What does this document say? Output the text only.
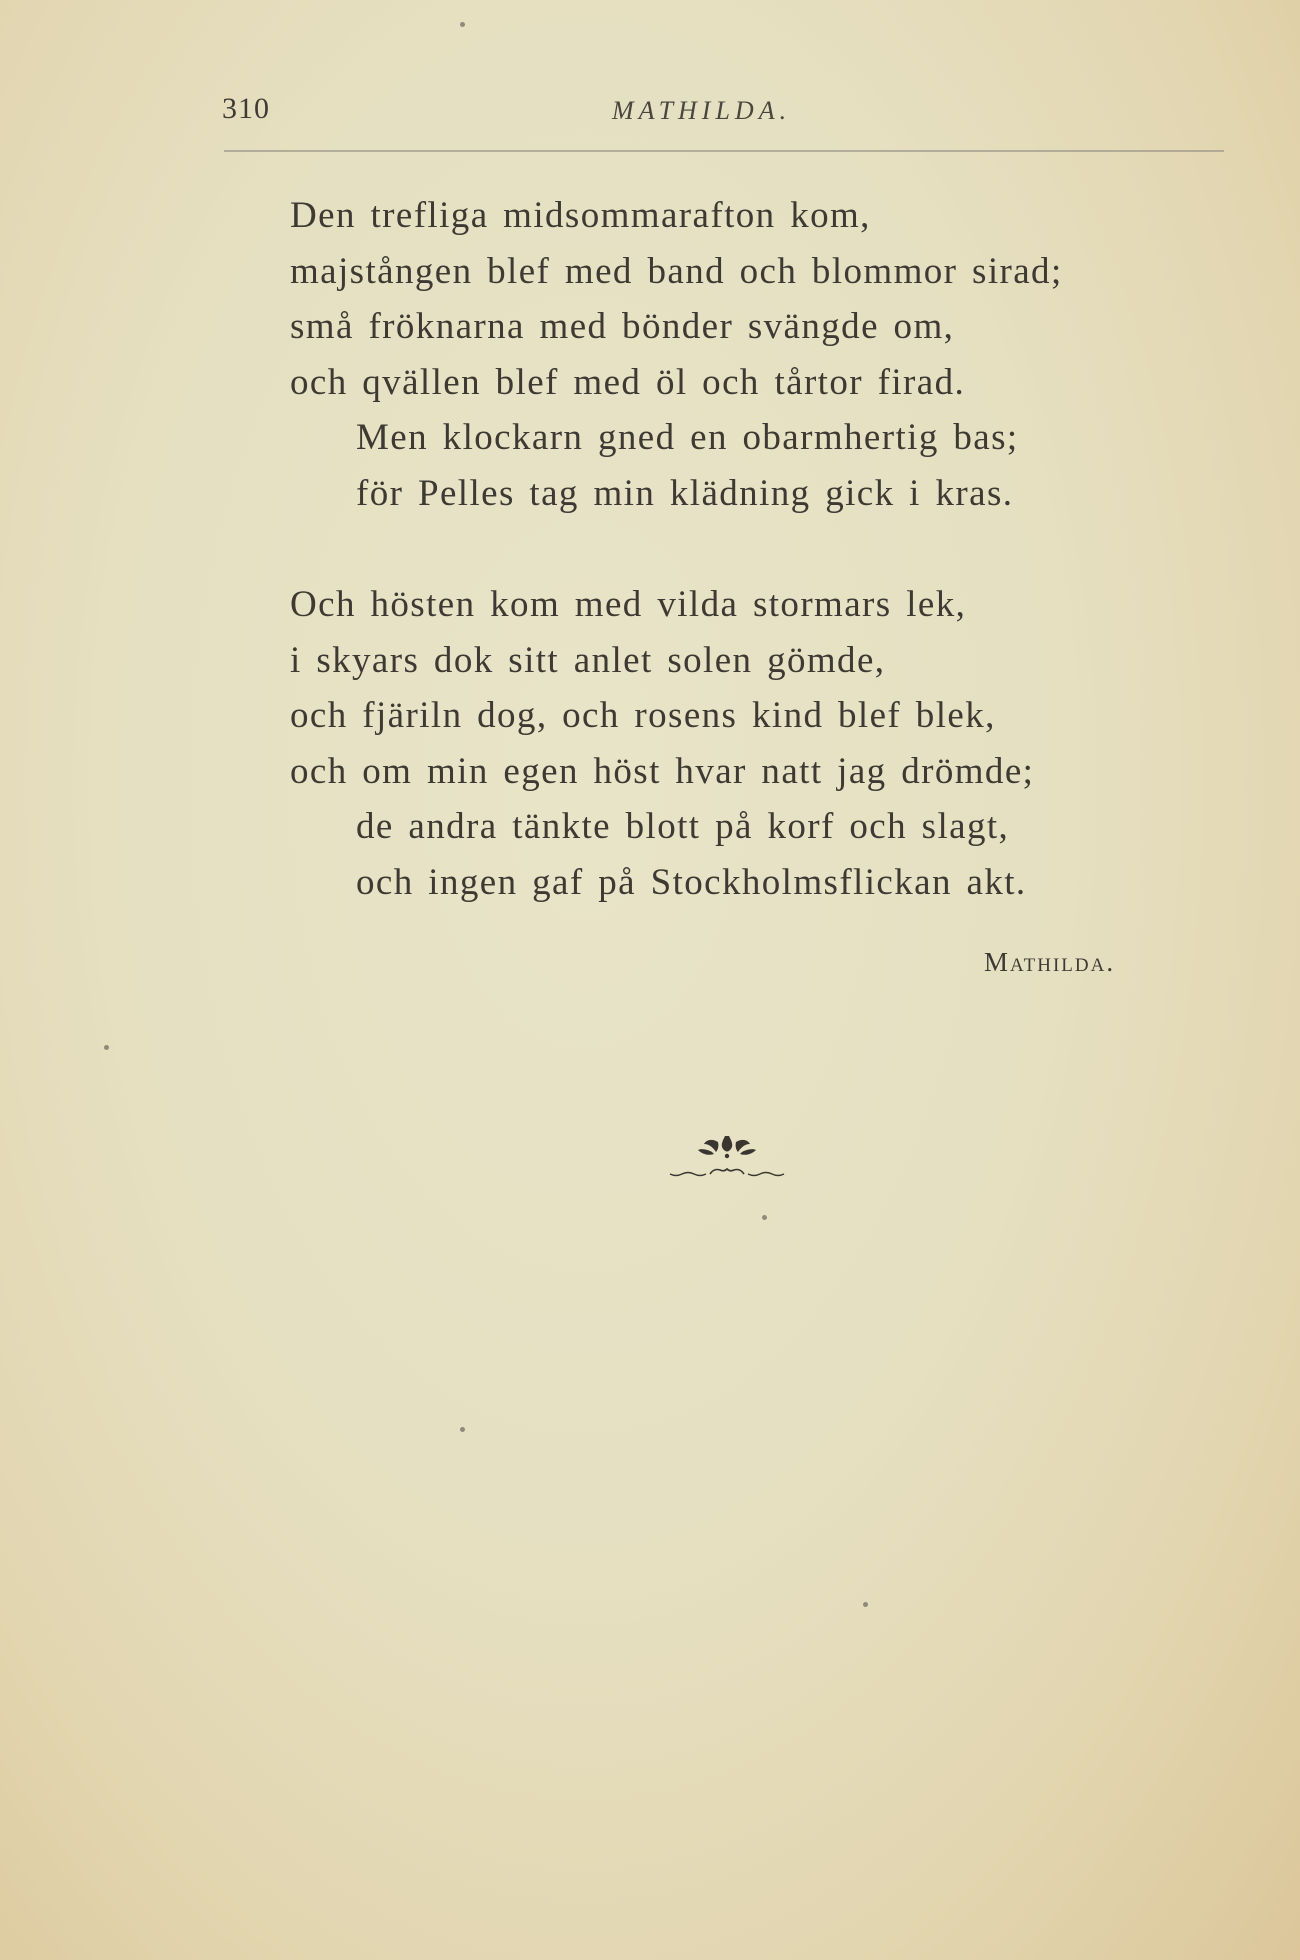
310	MATHILDA.
Den trefliga midsommarafton kom,
majstången blef med band och blommor sirad;
små fröknarna med bönder svängde om,
och qvällen blef med öl och tårtor firad.
Men klockarn gned en obarmhertig bas;
för Pelles tag min klädning gick i kras.
Och hösten kom med vilda stormars lek,
i skyars dok sitt anlet solen gömde,
och fjäriln dog, och rosens kind blef blek,
och om min egen höst hvar natt jag drömde;
de andra tänkte blott på korf och slagt,
och ingen gaf på Stockholmsflickan akt.
Mathilda.
